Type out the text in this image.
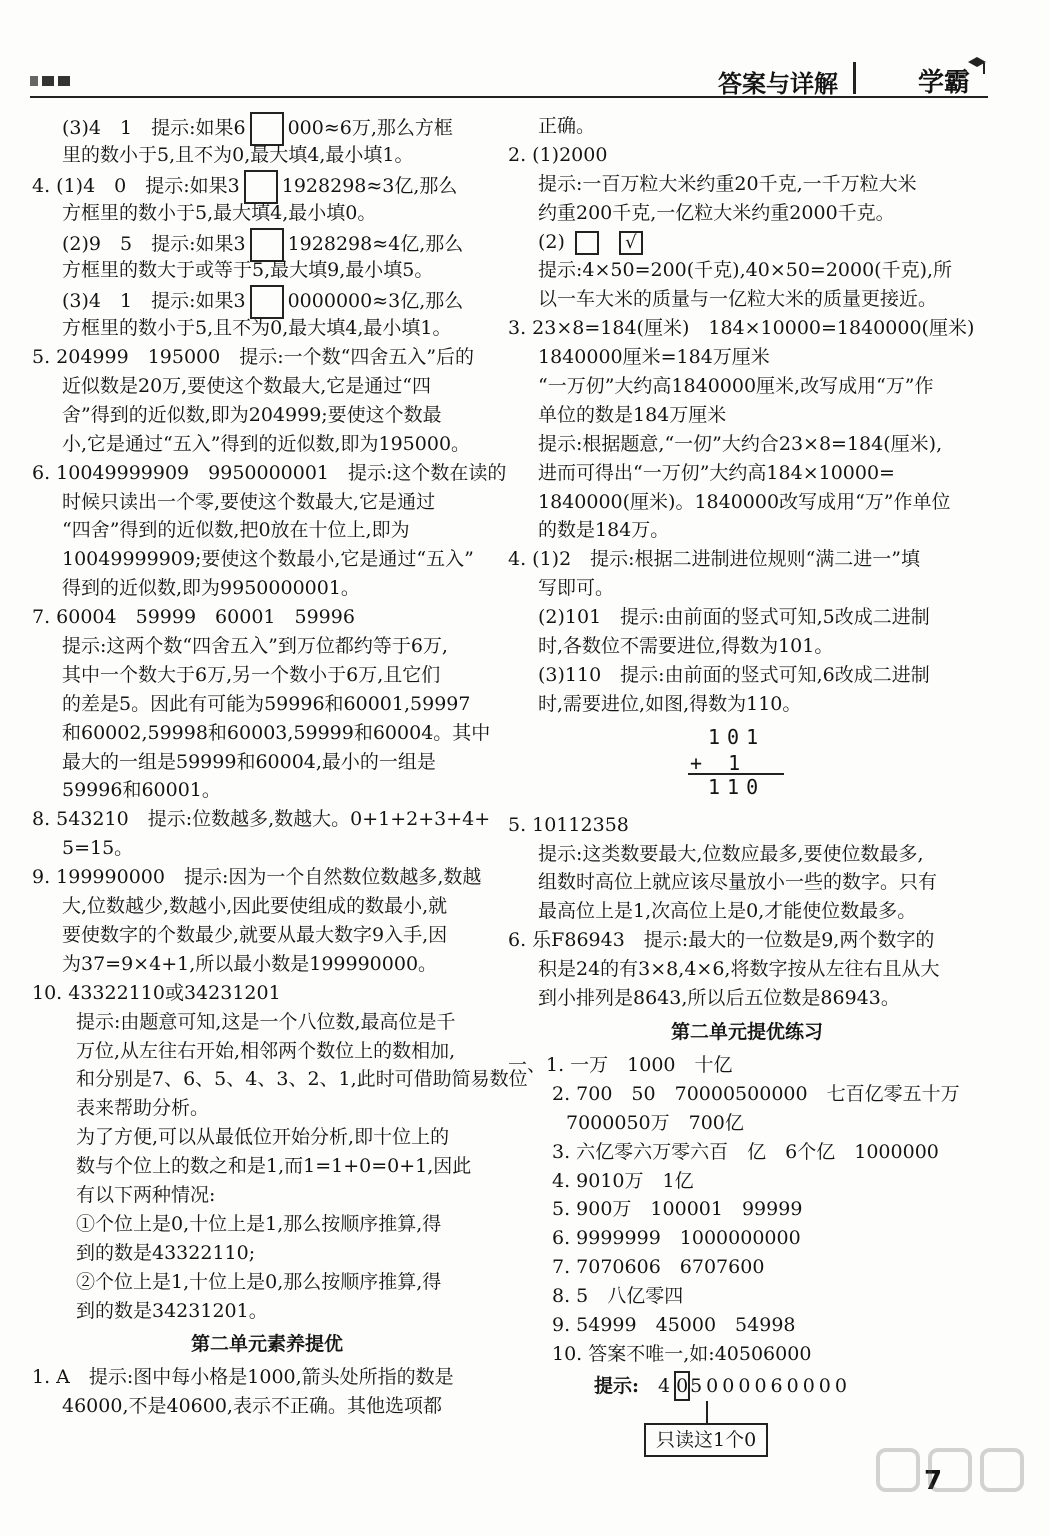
答案与详解	学霸
(3)4　1　提示:如果6 000≈6万,那么方框
里的数小于5,且不为0,最大填4,最小填1。
4. (1)4　0　提示:如果3 1928298≈3亿,那么
方框里的数小于5,最大填4,最小填0。
(2)9　5　提示:如果3 1928298≈4亿,那么
方框里的数大于或等于5,最大填9,最小填5。
(3)4　1　提示:如果3 0000000≈3亿,那么
方框里的数小于5,且不为0,最大填4,最小填1。
5. 204999　195000　提示:一个数“四舍五入”后的
近似数是20万,要使这个数最大,它是通过“四
舍”得到的近似数,即为204999;要使这个数最
小,它是通过“五入”得到的近似数,即为195000。
6. 10049999909　9950000001　提示:这个数在读的
时候只读出一个零,要使这个数最大,它是通过
“四舍”得到的近似数,把0放在十位上,即为
10049999909;要使这个数最小,它是通过“五入”
得到的近似数,即为9950000001。
7. 60004　59999　60001　59996
提示:这两个数“四舍五入”到万位都约等于6万,
其中一个数大于6万,另一个数小于6万,且它们
的差是5。因此有可能为59996和60001,59997
和60002,59998和60003,59999和60004。其中
最大的一组是59999和60004,最小的一组是
59996和60001。
8. 543210　提示:位数越多,数越大。0+1+2+3+4+
5=15。
9. 199990000　提示:因为一个自然数位数越多,数越
大,位数越少,数越小,因此要使组成的数最小,就
要使数字的个数最少,就要从最大数字9入手,因
为37=9×4+1,所以最小数是199990000。
10. 43322110或34231201
提示:由题意可知,这是一个八位数,最高位是千
万位,从左往右开始,相邻两个数位上的数相加,
和分别是7、6、5、4、3、2、1,此时可借助简易数位
表来帮助分析。
为了方便,可以从最低位开始分析,即十位上的
数与个位上的数之和是1,而1=1+0=0+1,因此
有以下两种情况:
①个位上是0,十位上是1,那么按顺序推算,得
到的数是43322110;
②个位上是1,十位上是0,那么按顺序推算,得
到的数是34231201。
第二单元素养提优
1. A　提示:图中每小格是1000,箭头处所指的数是
46000,不是40600,表示不正确。其他选项都
正确。
2. (1)2000
提示:一百万粒大米约重20千克,一千万粒大米
约重200千克,一亿粒大米约重2000千克。
(2)	√
提示:4×50=200(千克),40×50=2000(千克),所
以一车大米的质量与一亿粒大米的质量更接近。
3. 23×8=184(厘米)　184×10000=1840000(厘米)
1840000厘米=184万厘米
“一万仞”大约高1840000厘米,改写成用“万”作
单位的数是184万厘米
提示:根据题意,“一仞”大约合23×8=184(厘米),
进而可得出“一万仞”大约高184×10000=
1840000(厘米)。1840000改写成用“万”作单位
的数是184万。
4. (1)2　提示:根据二进制进位规则“满二进一”填
写即可。
(2)101　提示:由前面的竖式可知,5改成二进制
时,各数位不需要进位,得数为101。
(3)110　提示:由前面的竖式可知,6改成二进制
时,需要进位,如图,得数为110。
101
+ 1
110
5. 10112358
提示:这类数要最大,位数应最多,要使位数最多,
组数时高位上就应该尽量放小一些的数字。只有
最高位上是1,次高位上是0,才能使位数最多。
6. 乐F86943　提示:最大的一位数是9,两个数字的
积是24的有3×8,4×6,将数字按从左往右且从大
到小排列是8643,所以后五位数是86943。
第二单元提优练习
一、1. 一万　1000　十亿
2. 700　50　70000500000　七百亿零五十万
7000050万　700亿
3. 六亿零六万零六百　亿　6个亿　1000000
4. 9010万　1亿
5. 900万　100001　99999
6. 9999999　1000000000
7. 7070606　6707600
8. 5　八亿零四
9. 54999　45000　54998
10. 答案不唯一,如:40506000
提示: 4 0 5000060000
只读这1个0
7
